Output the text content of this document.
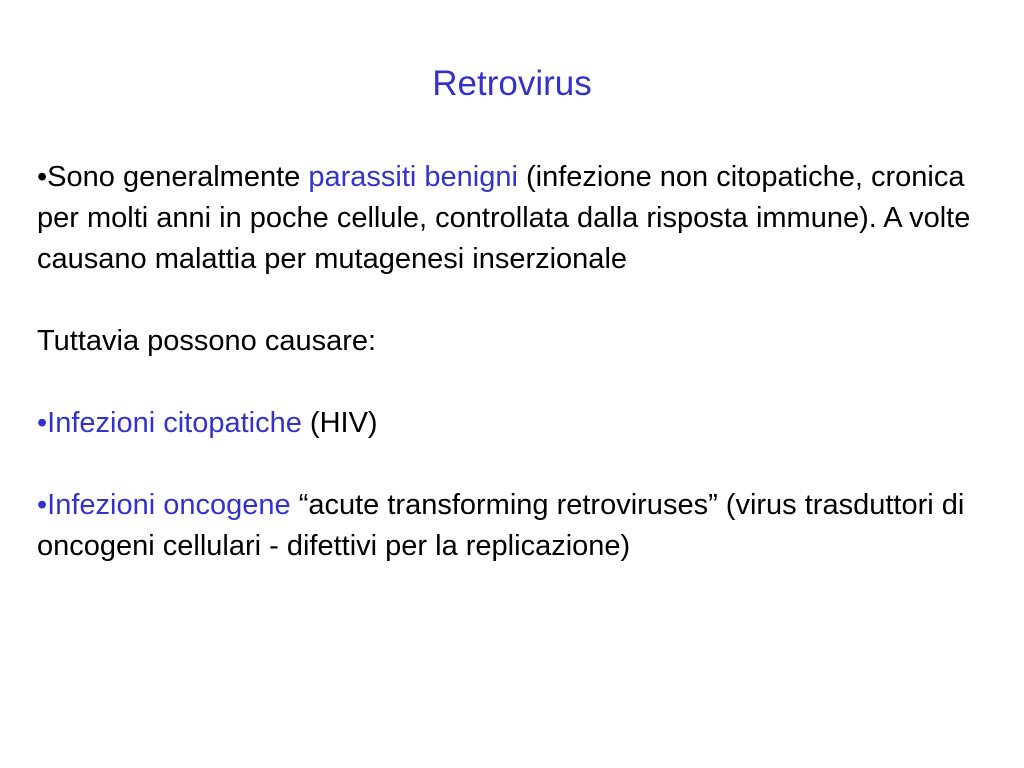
Retrovirus

•Sono generalmente parassiti benigni (infezione non citopatiche, cronica per molti anni in poche cellule, controllata dalla risposta immune). A volte causano malattia per mutagenesi inserzionale

Tuttavia possono causare:

•Infezioni citopatiche (HIV)

•Infezioni oncogene “acute transforming retroviruses” (virus trasduttori di oncogeni cellulari - difettivi per la replicazione)
